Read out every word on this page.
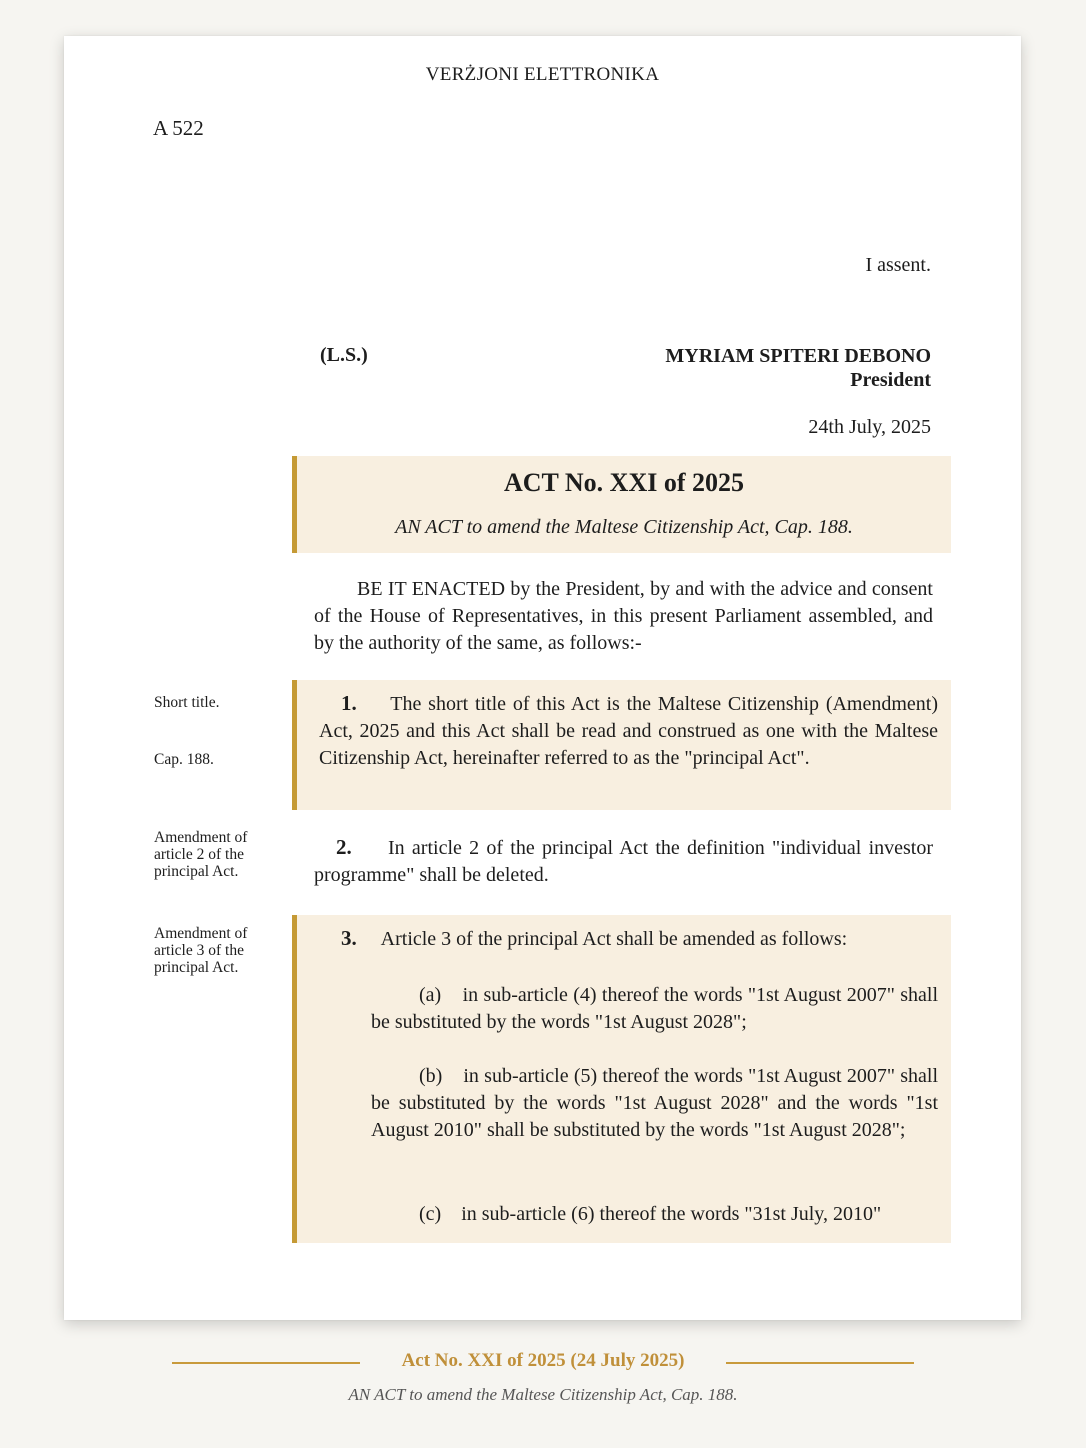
VERŻJONI ELETTRONIKA
A 522
I assent.
(L.S.)	MYRIAM SPITERI DEBONO
President
24th July, 2025
ACT No. XXI of 2025
AN ACT to amend the Maltese Citizenship Act, Cap. 188.
BE IT ENACTED by the President, by and with the advice and consent of the House of Representatives, in this present Parliament assembled, and by the authority of the same, as follows:-
Short title.
Cap. 188.
1. The short title of this Act is the Maltese Citizenship (Amendment) Act, 2025 and this Act shall be read and construed as one with the Maltese Citizenship Act, hereinafter referred to as the "principal Act".
Amendment of article 2 of the principal Act.
2. In article 2 of the principal Act the definition "individual investor programme" shall be deleted.
Amendment of article 3 of the principal Act.
3. Article 3 of the principal Act shall be amended as follows:
(a) in sub-article (4) thereof the words "1st August 2007" shall be substituted by the words "1st August 2028";
(b) in sub-article (5) thereof the words "1st August 2007" shall be substituted by the words "1st August 2028" and the words "1st August 2010" shall be substituted by the words "1st August 2028";
(c) in sub-article (6) thereof the words "31st July, 2010"
Act No. XXI of 2025 (24 July 2025)
AN ACT to amend the Maltese Citizenship Act, Cap. 188.
